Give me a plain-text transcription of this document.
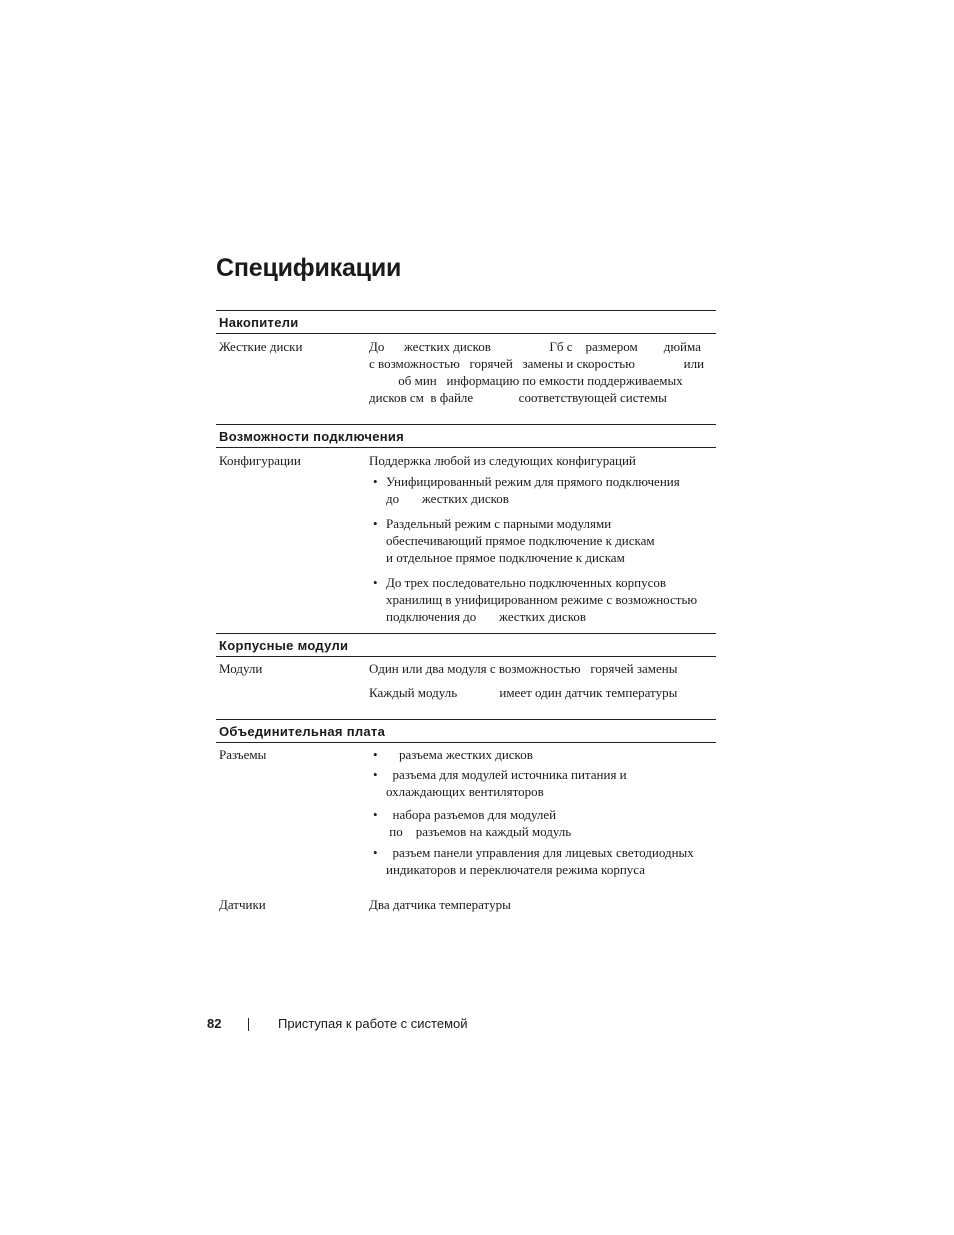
Спецификации
Накопители
Жесткие диски	До      жестких дисков                  Гб с    размером        дюйма
с возможностью   горячей   замены и скоростью               или
об мин   информацию по емкости поддерживаемых
дисков см  в файле              соответствующей системы
Возможности подключения
Конфигурации	Поддержка любой из следующих конфигураций
• Унифицированный режим для прямого подключения
до       жестких дисков
• Раздельный режим с парными модулями
обеспечивающий прямое подключение к дискам
и отдельное прямое подключение к дискам
• До трех последовательно подключенных корпусов
хранилищ в унифицированном режиме с возможностью
подключения до       жестких дисков
Корпусные модули
Модули	Один или два модуля с возможностью   горячей замены
Каждый модуль             имеет один датчик температуры
Объединительная плата
Разъемы	• разъема жестких дисков
• разъема для модулей источника питания и
охлаждающих вентиляторов
• набора разъемов для модулей
по    разъемов на каждый модуль
• разъем панели управления для лицевых светодиодных
индикаторов и переключателя режима корпуса
Датчики	Два датчика температуры
82	Приступая к работе с системой
